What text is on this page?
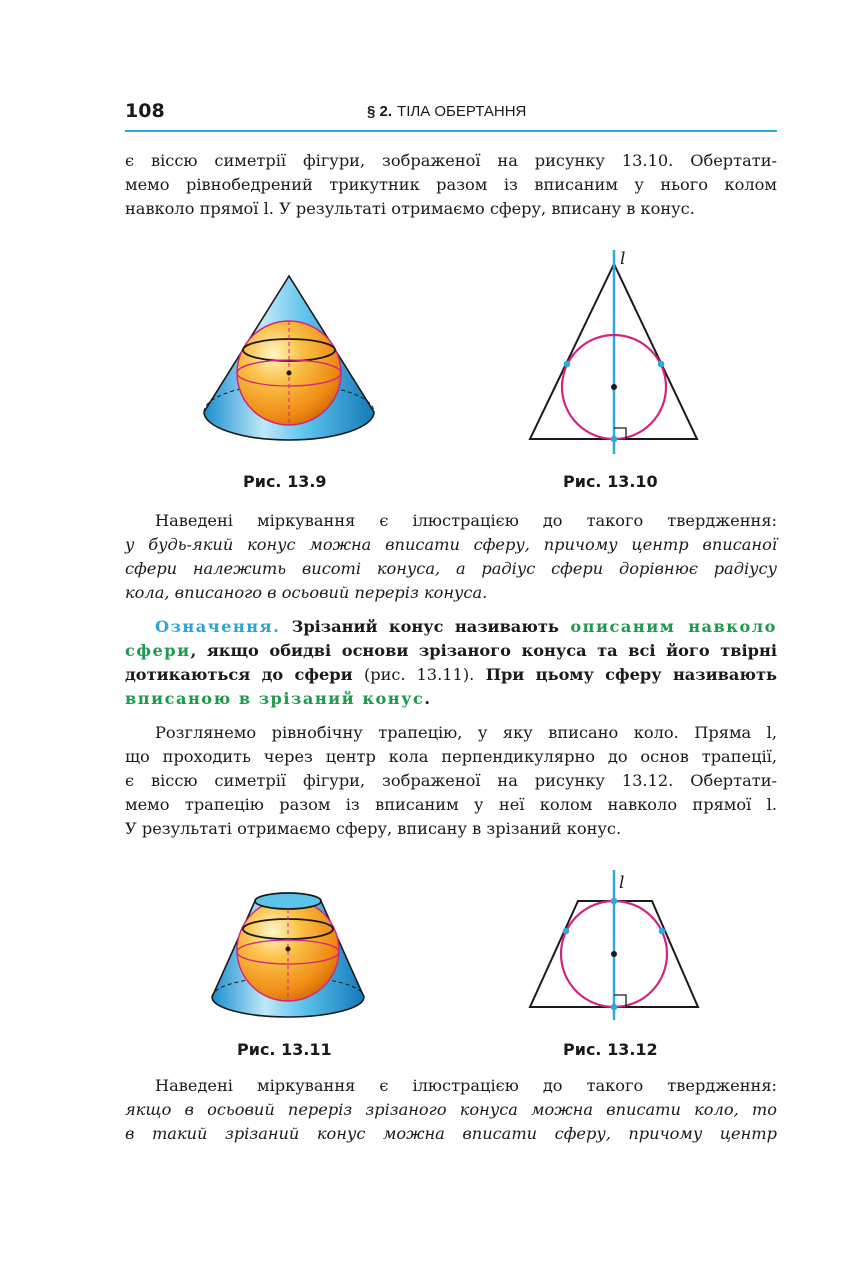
108	§ 2. ТІЛА ОБЕРТАННЯ
є віссю симетрії фігури, зображеної на рисунку 13.10. Обертати-
мемо рівнобедрений трикутник разом із вписаним у нього колом
навколо прямої l. У результаті отримаємо сферу, вписану в конус.
Рис. 13.9
l
Рис. 13.10
Наведені міркування є ілюстрацією до такого твердження:
у будь-який конус можна вписати сферу, причому центр вписаної
сфери належить висоті конуса, а радіус сфери дорівнює радіусу
кола, вписаного в осьовий переріз конуса.
Означення. Зрізаний конус називають описаним навколо
сфери, якщо обидві основи зрізаного конуса та всі його твірні
дотикаються до сфери (рис. 13.11). При цьому сферу називають
вписаною в зрізаний конус.
Розглянемо рівнобічну трапецію, у яку вписано коло. Пряма l,
що проходить через центр кола перпендикулярно до основ трапеції,
є віссю симетрії фігури, зображеної на рисунку 13.12. Обертати-
мемо трапецію разом із вписаним у неї колом навколо прямої l.
У результаті отримаємо сферу, вписану в зрізаний конус.
Рис. 13.11
l
Рис. 13.12
Наведені міркування є ілюстрацією до такого твердження:
якщо в осьовий переріз зрізаного конуса можна вписати коло, то
в такий зрізаний конус можна вписати сферу, причому центр
